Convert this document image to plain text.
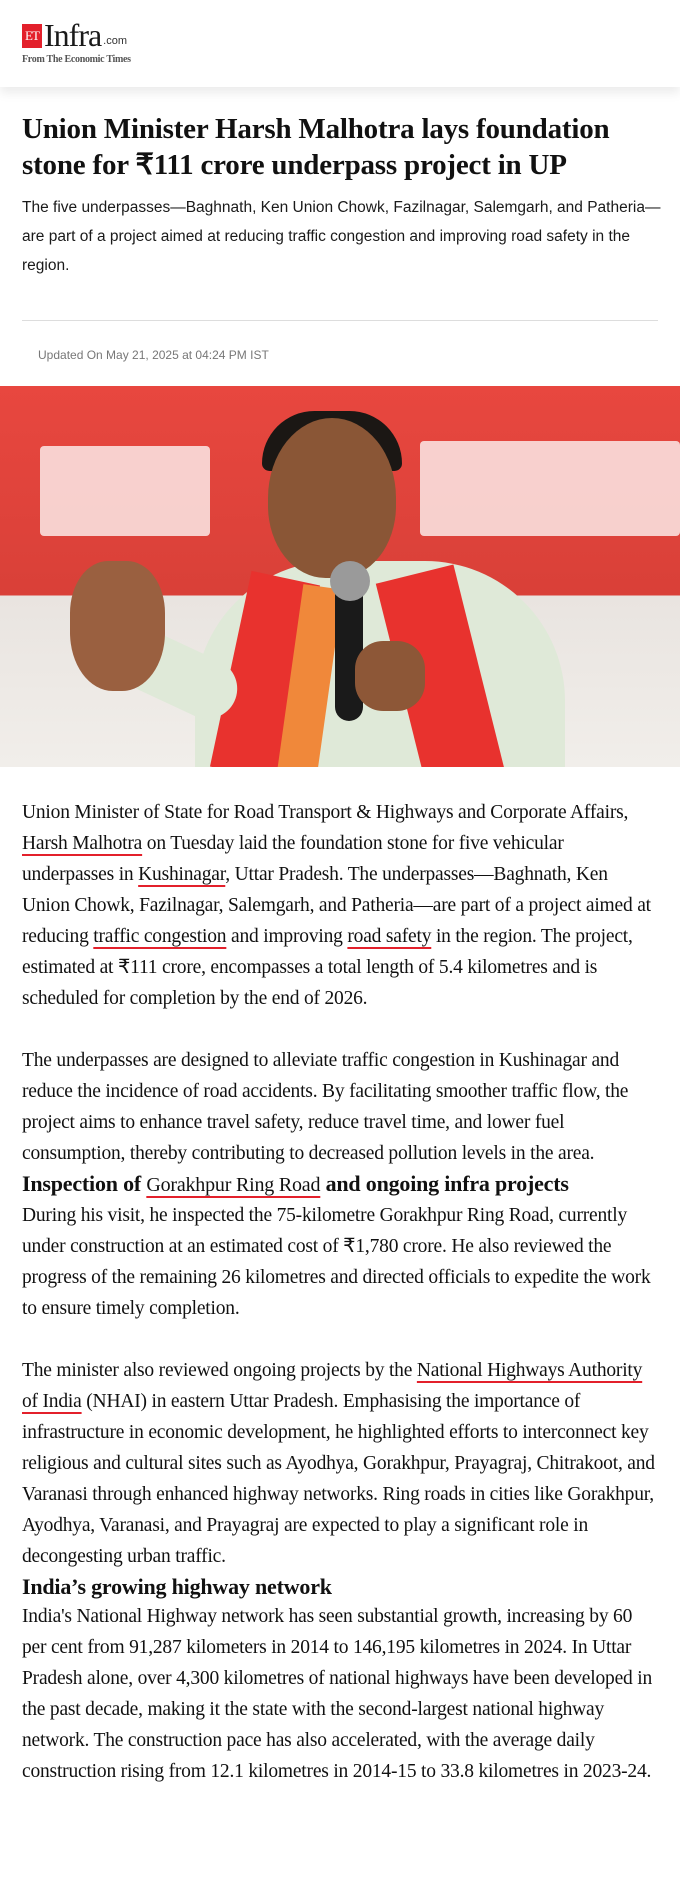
ET Infra .com
From The Economic Times
Union Minister Harsh Malhotra lays foundation stone for ₹111 crore underpass project in UP
The five underpasses—Baghnath, Ken Union Chowk, Fazilnagar, Salemgarh, and Patheria—are part of a project aimed at reducing traffic congestion and improving road safety in the region.
Updated On May 21, 2025 at 04:24 PM IST

Union Minister of State for Road Transport & Highways and Corporate Affairs, Harsh Malhotra on Tuesday laid the foundation stone for five vehicular underpasses in Kushinagar, Uttar Pradesh. The underpasses—Baghnath, Ken Union Chowk, Fazilnagar, Salemgarh, and Patheria—are part of a project aimed at reducing traffic congestion and improving road safety in the region. The project, estimated at ₹111 crore, encompasses a total length of 5.4 kilometres and is scheduled for completion by the end of 2026.

The underpasses are designed to alleviate traffic congestion in Kushinagar and reduce the incidence of road accidents. By facilitating smoother traffic flow, the project aims to enhance travel safety, reduce travel time, and lower fuel consumption, thereby contributing to decreased pollution levels in the area.

Inspection of Gorakhpur Ring Road and ongoing infra projects

During his visit, he inspected the 75-kilometre Gorakhpur Ring Road, currently under construction at an estimated cost of ₹1,780 crore. He also reviewed the progress of the remaining 26 kilometres and directed officials to expedite the work to ensure timely completion.

The minister also reviewed ongoing projects by the National Highways Authority of India (NHAI) in eastern Uttar Pradesh. Emphasising the importance of infrastructure in economic development, he highlighted efforts to interconnect key religious and cultural sites such as Ayodhya, Gorakhpur, Prayagraj, Chitrakoot, and Varanasi through enhanced highway networks. Ring roads in cities like Gorakhpur, Ayodhya, Varanasi, and Prayagraj are expected to play a significant role in decongesting urban traffic.

India’s growing highway network

India's National Highway network has seen substantial growth, increasing by 60 per cent from 91,287 kilometers in 2014 to 146,195 kilometres in 2024. In Uttar Pradesh alone, over 4,300 kilometres of national highways have been developed in the past decade, making it the state with the second-largest national highway network. The construction pace has also accelerated, with the average daily construction rising from 12.1 kilometres in 2014-15 to 33.8 kilometres in 2023-24.
